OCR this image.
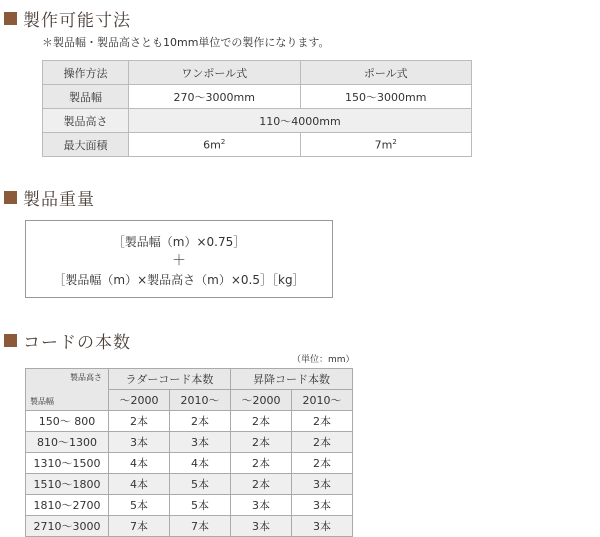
製作可能寸法
＊製品幅・製品高さとも10mm単位での製作になります。
操作方法	ワンポール式	ポール式
製品幅	270〜3000mm	150〜3000mm
製品高さ	110〜4000mm	
最大面積	$6m^2$	$7m^2$
製品重量
［製品幅（m）×0.75］
＋
［製品幅（m）×製品高さ（m）×0.5］［kg］
コードの本数
（単位：mm）
製品高さ
製品幅	ラダーコード本数		昇降コード本数	
	〜2000	2010〜	〜2000	2010〜
150〜 800	2本	2本	2本	2本
810〜1300	3本	3本	2本	2本
1310〜1500	4本	4本	2本	2本
1510〜1800	4本	5本	2本	3本
1810〜2700	5本	5本	3本	3本
2710〜3000	7本	7本	3本	3本
